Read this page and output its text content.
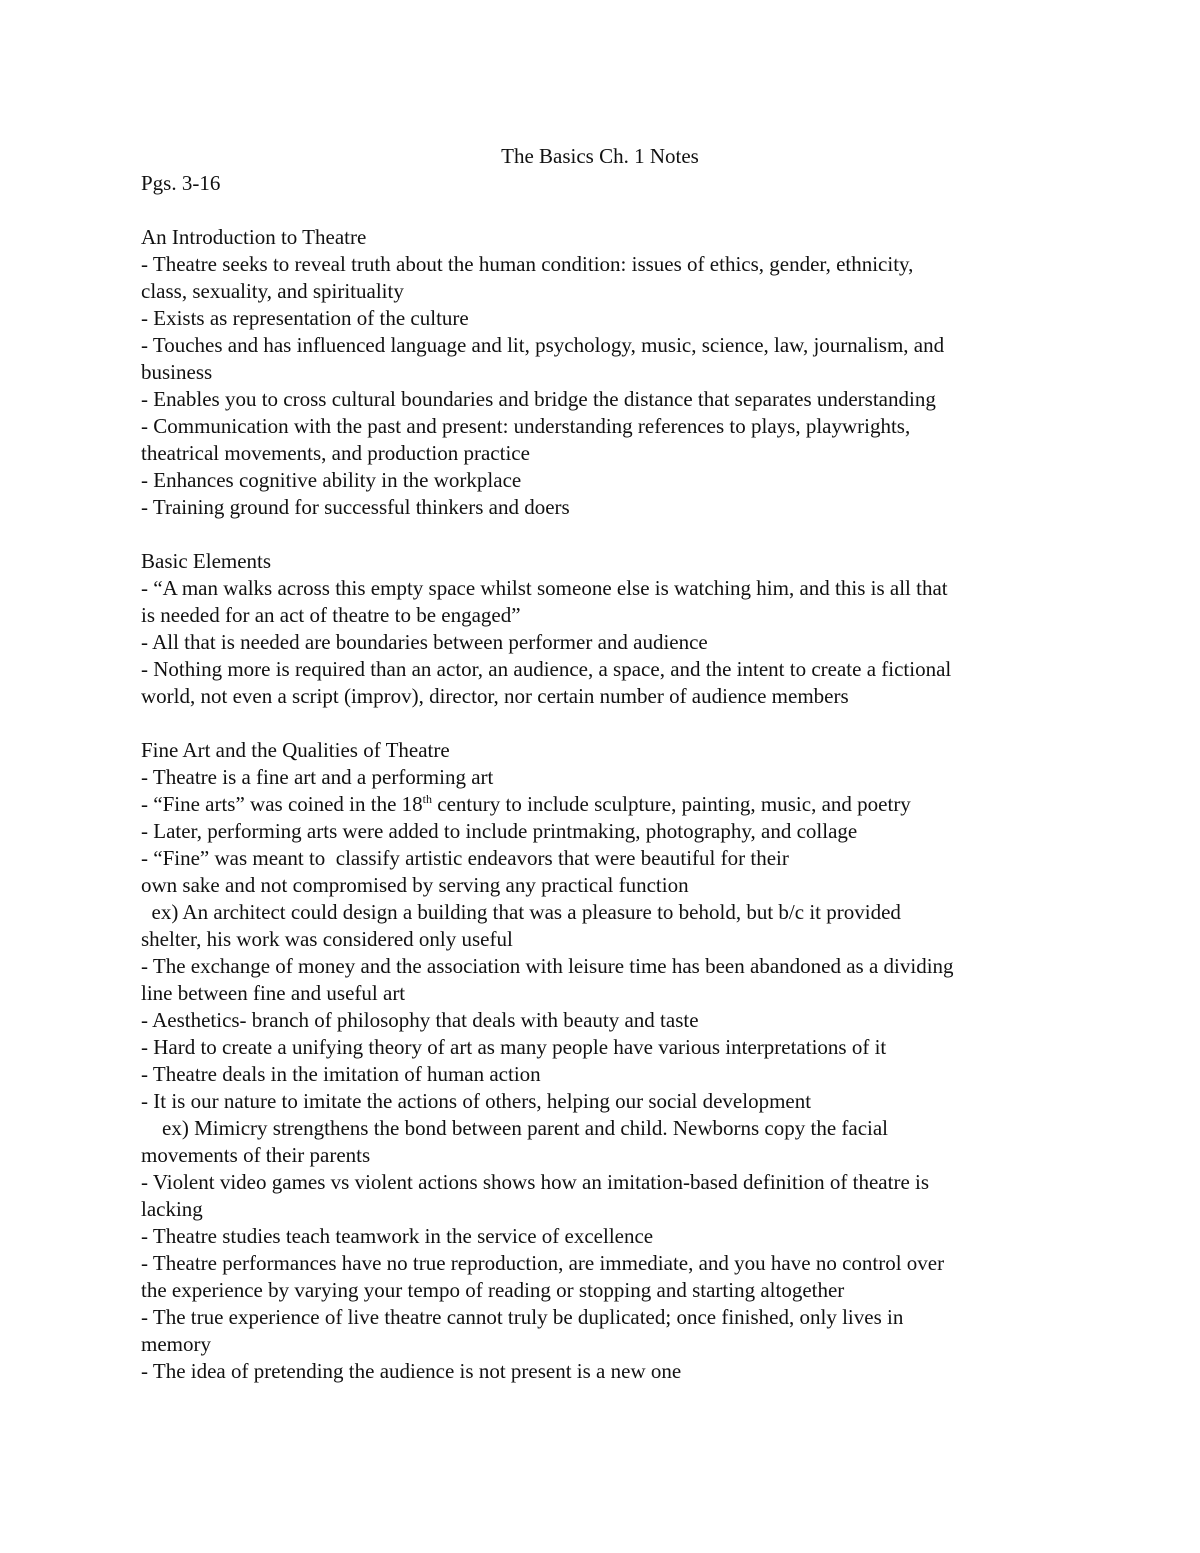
The Basics Ch. 1 Notes

Pgs. 3-16

An Introduction to Theatre

- Theatre seeks to reveal truth about the human condition: issues of ethics, gender, ethnicity,

class, sexuality, and spirituality

- Exists as representation of the culture

- Touches and has influenced language and lit, psychology, music, science, law, journalism, and

business

- Enables you to cross cultural boundaries and bridge the distance that separates understanding

- Communication with the past and present: understanding references to plays, playwrights,

theatrical movements, and production practice

- Enhances cognitive ability in the workplace

- Training ground for successful thinkers and doers

Basic Elements

- “A man walks across this empty space whilst someone else is watching him, and this is all that

is needed for an act of theatre to be engaged”

- All that is needed are boundaries between performer and audience

- Nothing more is required than an actor, an audience, a space, and the intent to create a fictional

world, not even a script (improv), director, nor certain number of audience members

Fine Art and the Qualities of Theatre

- Theatre is a fine art and a performing art

- “Fine arts” was coined in the 18th century to include sculpture, painting, music, and poetry

- Later, performing arts were added to include printmaking, photography, and collage

- “Fine” was meant to  classify artistic endeavors that were beautiful for their

own sake and not compromised by serving any practical function

ex) An architect could design a building that was a pleasure to behold, but b/c it provided

shelter, his work was considered only useful

- The exchange of money and the association with leisure time has been abandoned as a dividing

line between fine and useful art

- Aesthetics- branch of philosophy that deals with beauty and taste

- Hard to create a unifying theory of art as many people have various interpretations of it

- Theatre deals in the imitation of human action

- It is our nature to imitate the actions of others, helping our social development

ex) Mimicry strengthens the bond between parent and child. Newborns copy the facial

movements of their parents

- Violent video games vs violent actions shows how an imitation-based definition of theatre is

lacking

- Theatre studies teach teamwork in the service of excellence

- Theatre performances have no true reproduction, are immediate, and you have no control over

the experience by varying your tempo of reading or stopping and starting altogether

- The true experience of live theatre cannot truly be duplicated; once finished, only lives in

memory

- The idea of pretending the audience is not present is a new one
